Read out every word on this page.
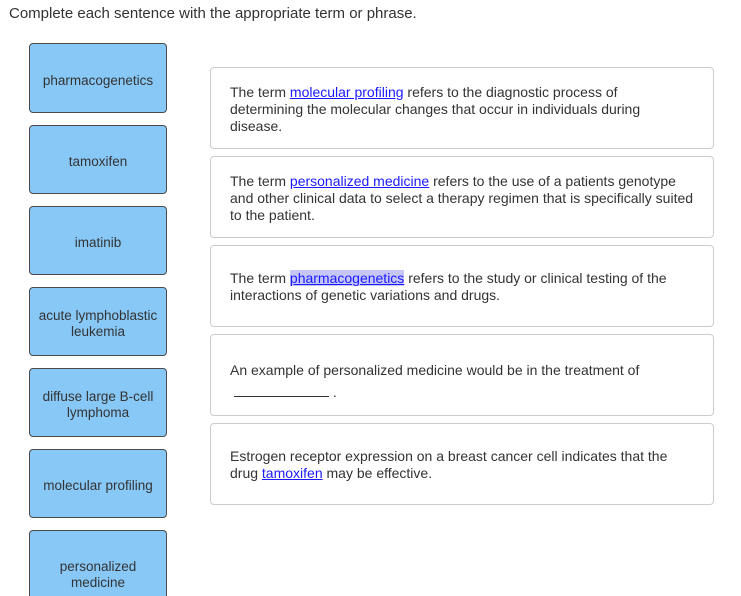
Complete each sentence with the appropriate term or phrase.
pharmacogenetics
tamoxifen
imatinib
acute lymphoblastic leukemia
diffuse large B-cell lymphoma
molecular profiling
personalized medicine
The term molecular profiling refers to the diagnostic process of determining the molecular changes that occur in individuals during disease.
The term personalized medicine refers to the use of a patients genotype and other clinical data to select a therapy regimen that is specifically suited to the patient.
The term pharmacogenetics refers to the study or clinical testing of the interactions of genetic variations and drugs.
An example of personalized medicine would be in the treatment of
.
Estrogen receptor expression on a breast cancer cell indicates that the drug tamoxifen may be effective.
